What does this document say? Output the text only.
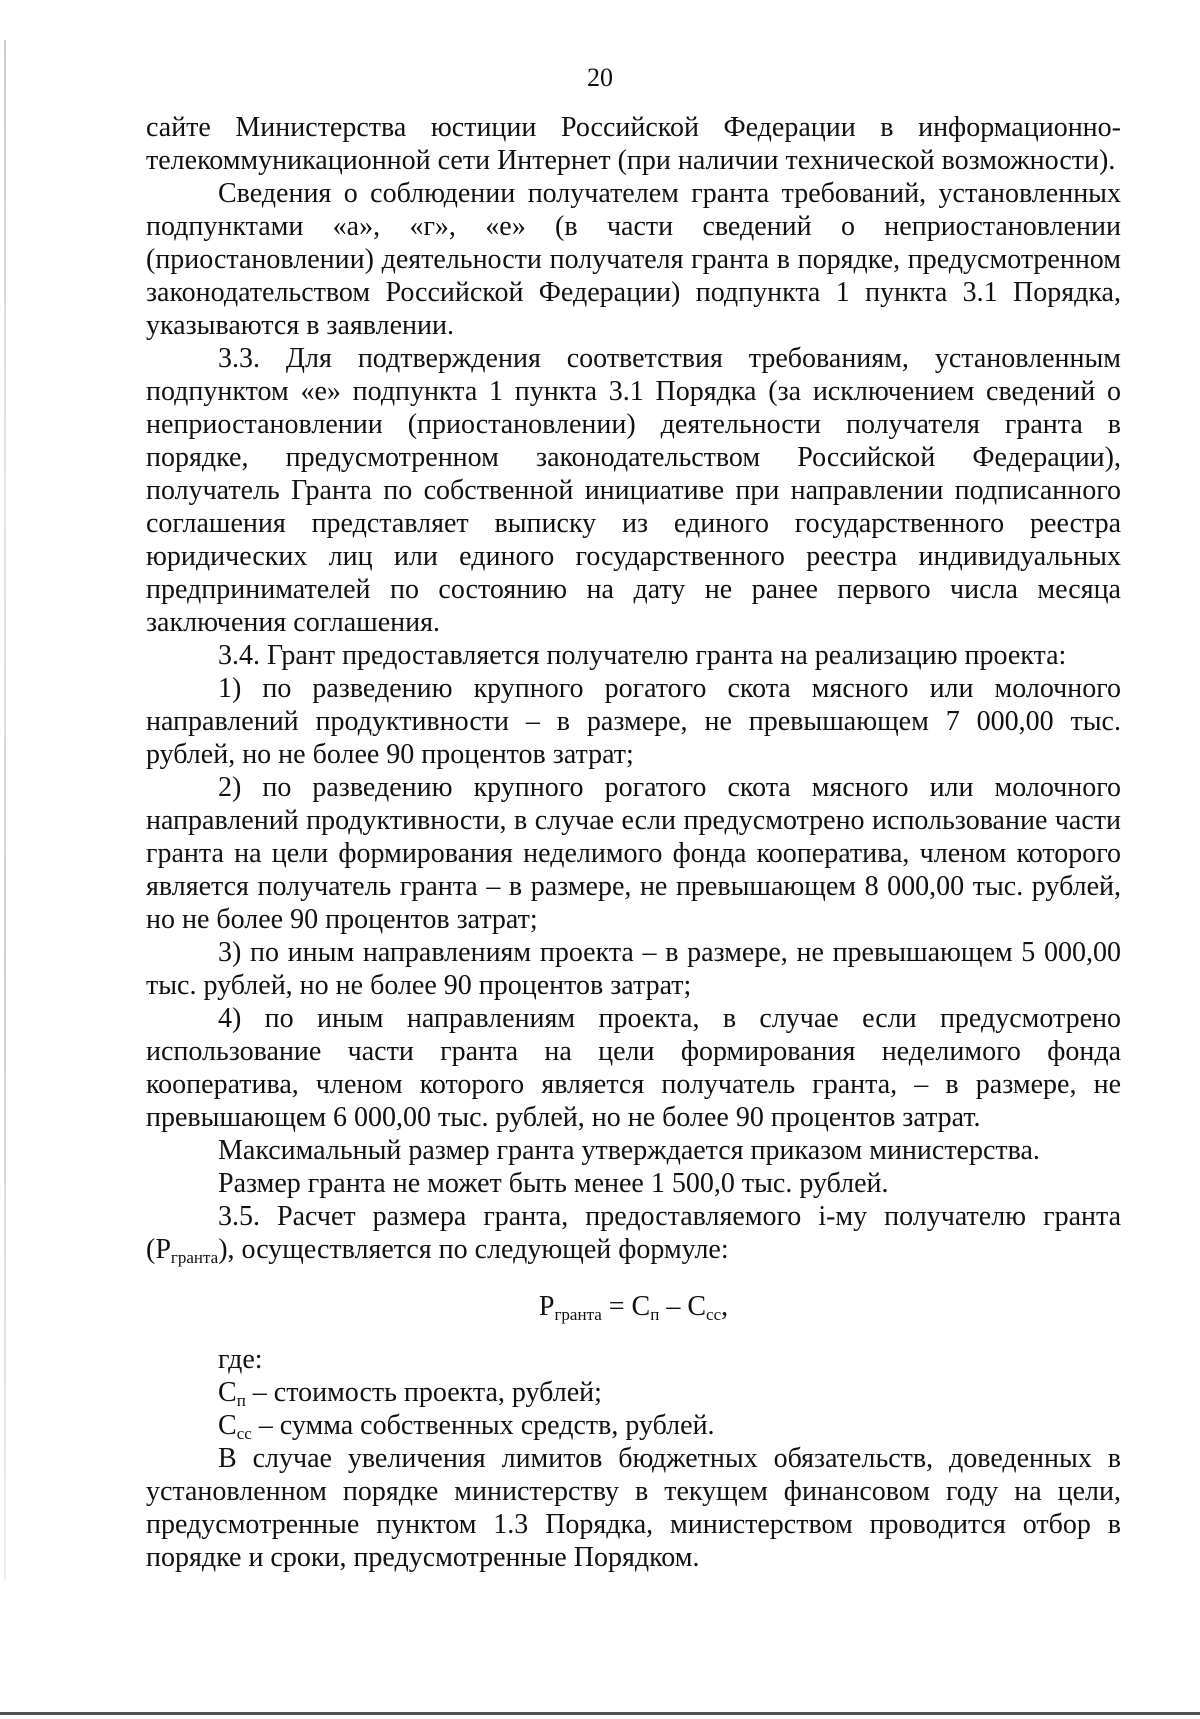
20

сайте Министерства юстиции Российской Федерации в информационно-телекоммуникационной сети Интернет (при наличии технической возможности).

Сведения о соблюдении получателем гранта требований, установленных подпунктами «а», «г», «е» (в части сведений о неприостановлении (приостановлении) деятельности получателя гранта в порядке, предусмотренном законодательством Российской Федерации) подпункта 1 пункта 3.1 Порядка, указываются в заявлении.

3.3. Для подтверждения соответствия требованиям, установленным подпунктом «е» подпункта 1 пункта 3.1 Порядка (за исключением сведений о неприостановлении (приостановлении) деятельности получателя гранта в порядке, предусмотренном законодательством Российской Федерации), получатель Гранта по собственной инициативе при направлении подписанного соглашения представляет выписку из единого государственного реестра юридических лиц или единого государственного реестра индивидуальных предпринимателей по состоянию на дату не ранее первого числа месяца заключения соглашения.

3.4. Грант предоставляется получателю гранта на реализацию проекта:

1) по разведению крупного рогатого скота мясного или молочного направлений продуктивности – в размере, не превышающем 7 000,00 тыс. рублей, но не более 90 процентов затрат;

2) по разведению крупного рогатого скота мясного или молочного направлений продуктивности, в случае если предусмотрено использование части гранта на цели формирования неделимого фонда кооператива, членом которого является получатель гранта – в размере, не превышающем 8 000,00 тыс. рублей, но не более 90 процентов затрат;

3) по иным направлениям проекта – в размере, не превышающем 5 000,00 тыс. рублей, но не более 90 процентов затрат;

4) по иным направлениям проекта, в случае если предусмотрено использование части гранта на цели формирования неделимого фонда кооператива, членом которого является получатель гранта, – в размере, не превышающем 6 000,00 тыс. рублей, но не более 90 процентов затрат.

Максимальный размер гранта утверждается приказом министерства.

Размер гранта не может быть менее 1 500,0 тыс. рублей.

3.5. Расчет размера гранта, предоставляемого i-му получателю гранта $(P_{гранта})$, осуществляется по следующей формуле:

$P_{гранта} = С_п - С_{сс}$,

где:

$С_п$ – стоимость проекта, рублей;

$С_{сс}$ – сумма собственных средств, рублей.

В случае увеличения лимитов бюджетных обязательств, доведенных в установленном порядке министерству в текущем финансовом году на цели, предусмотренные пунктом 1.3 Порядка, министерством проводится отбор в порядке и сроки, предусмотренные Порядком.
